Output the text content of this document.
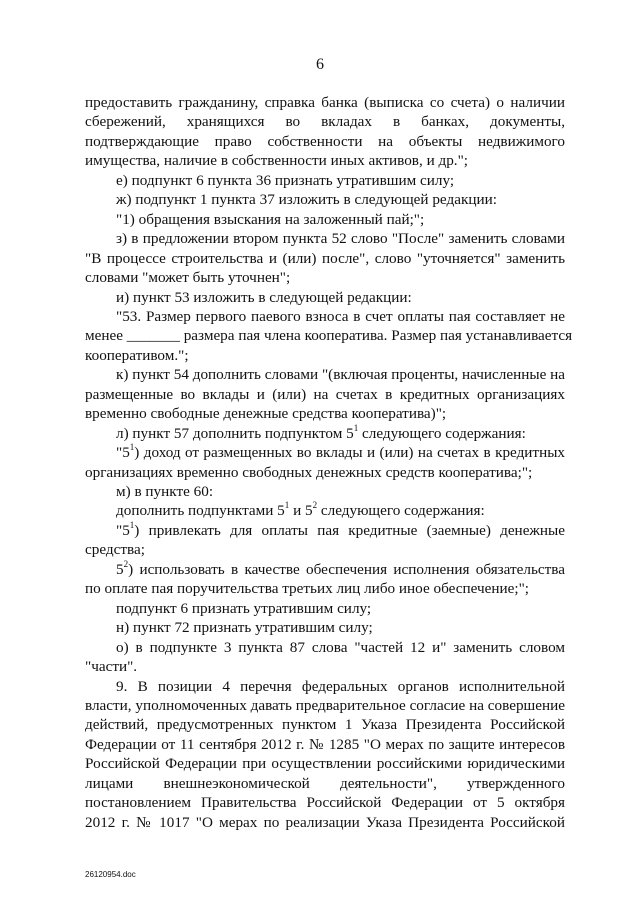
6
предоставить гражданину, справка банка (выписка со счета) о наличии
сбережений, хранящихся во вкладах в банках, документы,
подтверждающие право собственности на объекты недвижимого
имущества, наличие в собственности иных активов, и др.";
е) подпункт 6 пункта 36 признать утратившим силу;
ж) подпункт 1 пункта 37 изложить в следующей редакции:
"1) обращения взыскания на заложенный пай;";
з) в предложении втором пункта 52 слово "После" заменить словами
"В процессе строительства и (или) после", слово "уточняется" заменить
словами "может быть уточнен";
и) пункт 53 изложить в следующей редакции:
"53. Размер первого паевого взноса в счет оплаты пая составляет не
менее _______ размера пая члена кооператива. Размер пая устанавливается
кооперативом.";
к) пункт 54 дополнить словами "(включая проценты, начисленные на
размещенные во вклады и (или) на счетах в кредитных организациях
временно свободные денежные средства кооператива)";
л) пункт 57 дополнить подпунктом $5^1$ следующего содержания:
"$5^1$) доход от размещенных во вклады и (или) на счетах в кредитных
организациях временно свободных денежных средств кооператива;";
м) в пункте 60:
дополнить подпунктами $5^1$ и $5^2$ следующего содержания:
"$5^1$) привлекать для оплаты пая кредитные (заемные) денежные
средства;
$5^2$) использовать в качестве обеспечения исполнения обязательства
по оплате пая поручительства третьих лиц либо иное обеспечение;";
подпункт 6 признать утратившим силу;
н) пункт 72 признать утратившим силу;
о) в подпункте 3 пункта 87 слова "частей 12 и" заменить словом
"части".
9. В позиции 4 перечня федеральных органов исполнительной
власти, уполномоченных давать предварительное согласие на совершение
действий, предусмотренных пунктом 1 Указа Президента Российской
Федерации от 11 сентября 2012 г. № 1285 "О мерах по защите интересов
Российской Федерации при осуществлении российскими юридическими
лицами внешнеэкономической деятельности", утвержденного
постановлением Правительства Российской Федерации от 5 октября
2012 г. № 1017 "О мерах по реализации Указа Президента Российской
26120954.doc
